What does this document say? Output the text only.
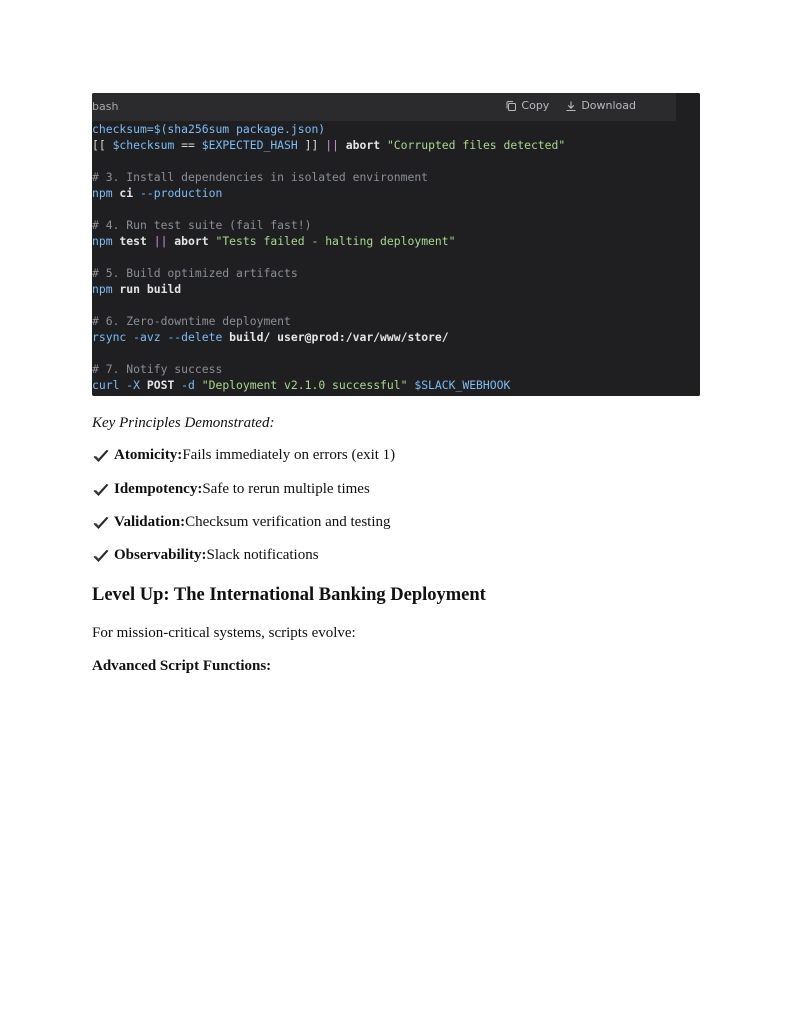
bash	Copy	Download
checksum=$(sha256sum package.json)
[[ $checksum == $EXPECTED_HASH ]] || abort "Corrupted files detected"
# 3. Install dependencies in isolated environment
npm ci --production
# 4. Run test suite (fail fast!)
npm test || abort "Tests failed - halting deployment"
# 5. Build optimized artifacts
npm run build
# 6. Zero-downtime deployment
rsync -avz --delete build/ user@prod:/var/www/store/
# 7. Notify success
curl -X POST -d "Deployment v2.1.0 successful" $SLACK_WEBHOOK
Key Principles Demonstrated:
Atomicity: Fails immediately on errors (exit 1)
Idempotency: Safe to rerun multiple times
Validation: Checksum verification and testing
Observability: Slack notifications
Level Up: The International Banking Deployment
For mission-critical systems, scripts evolve:
Advanced Script Functions:
